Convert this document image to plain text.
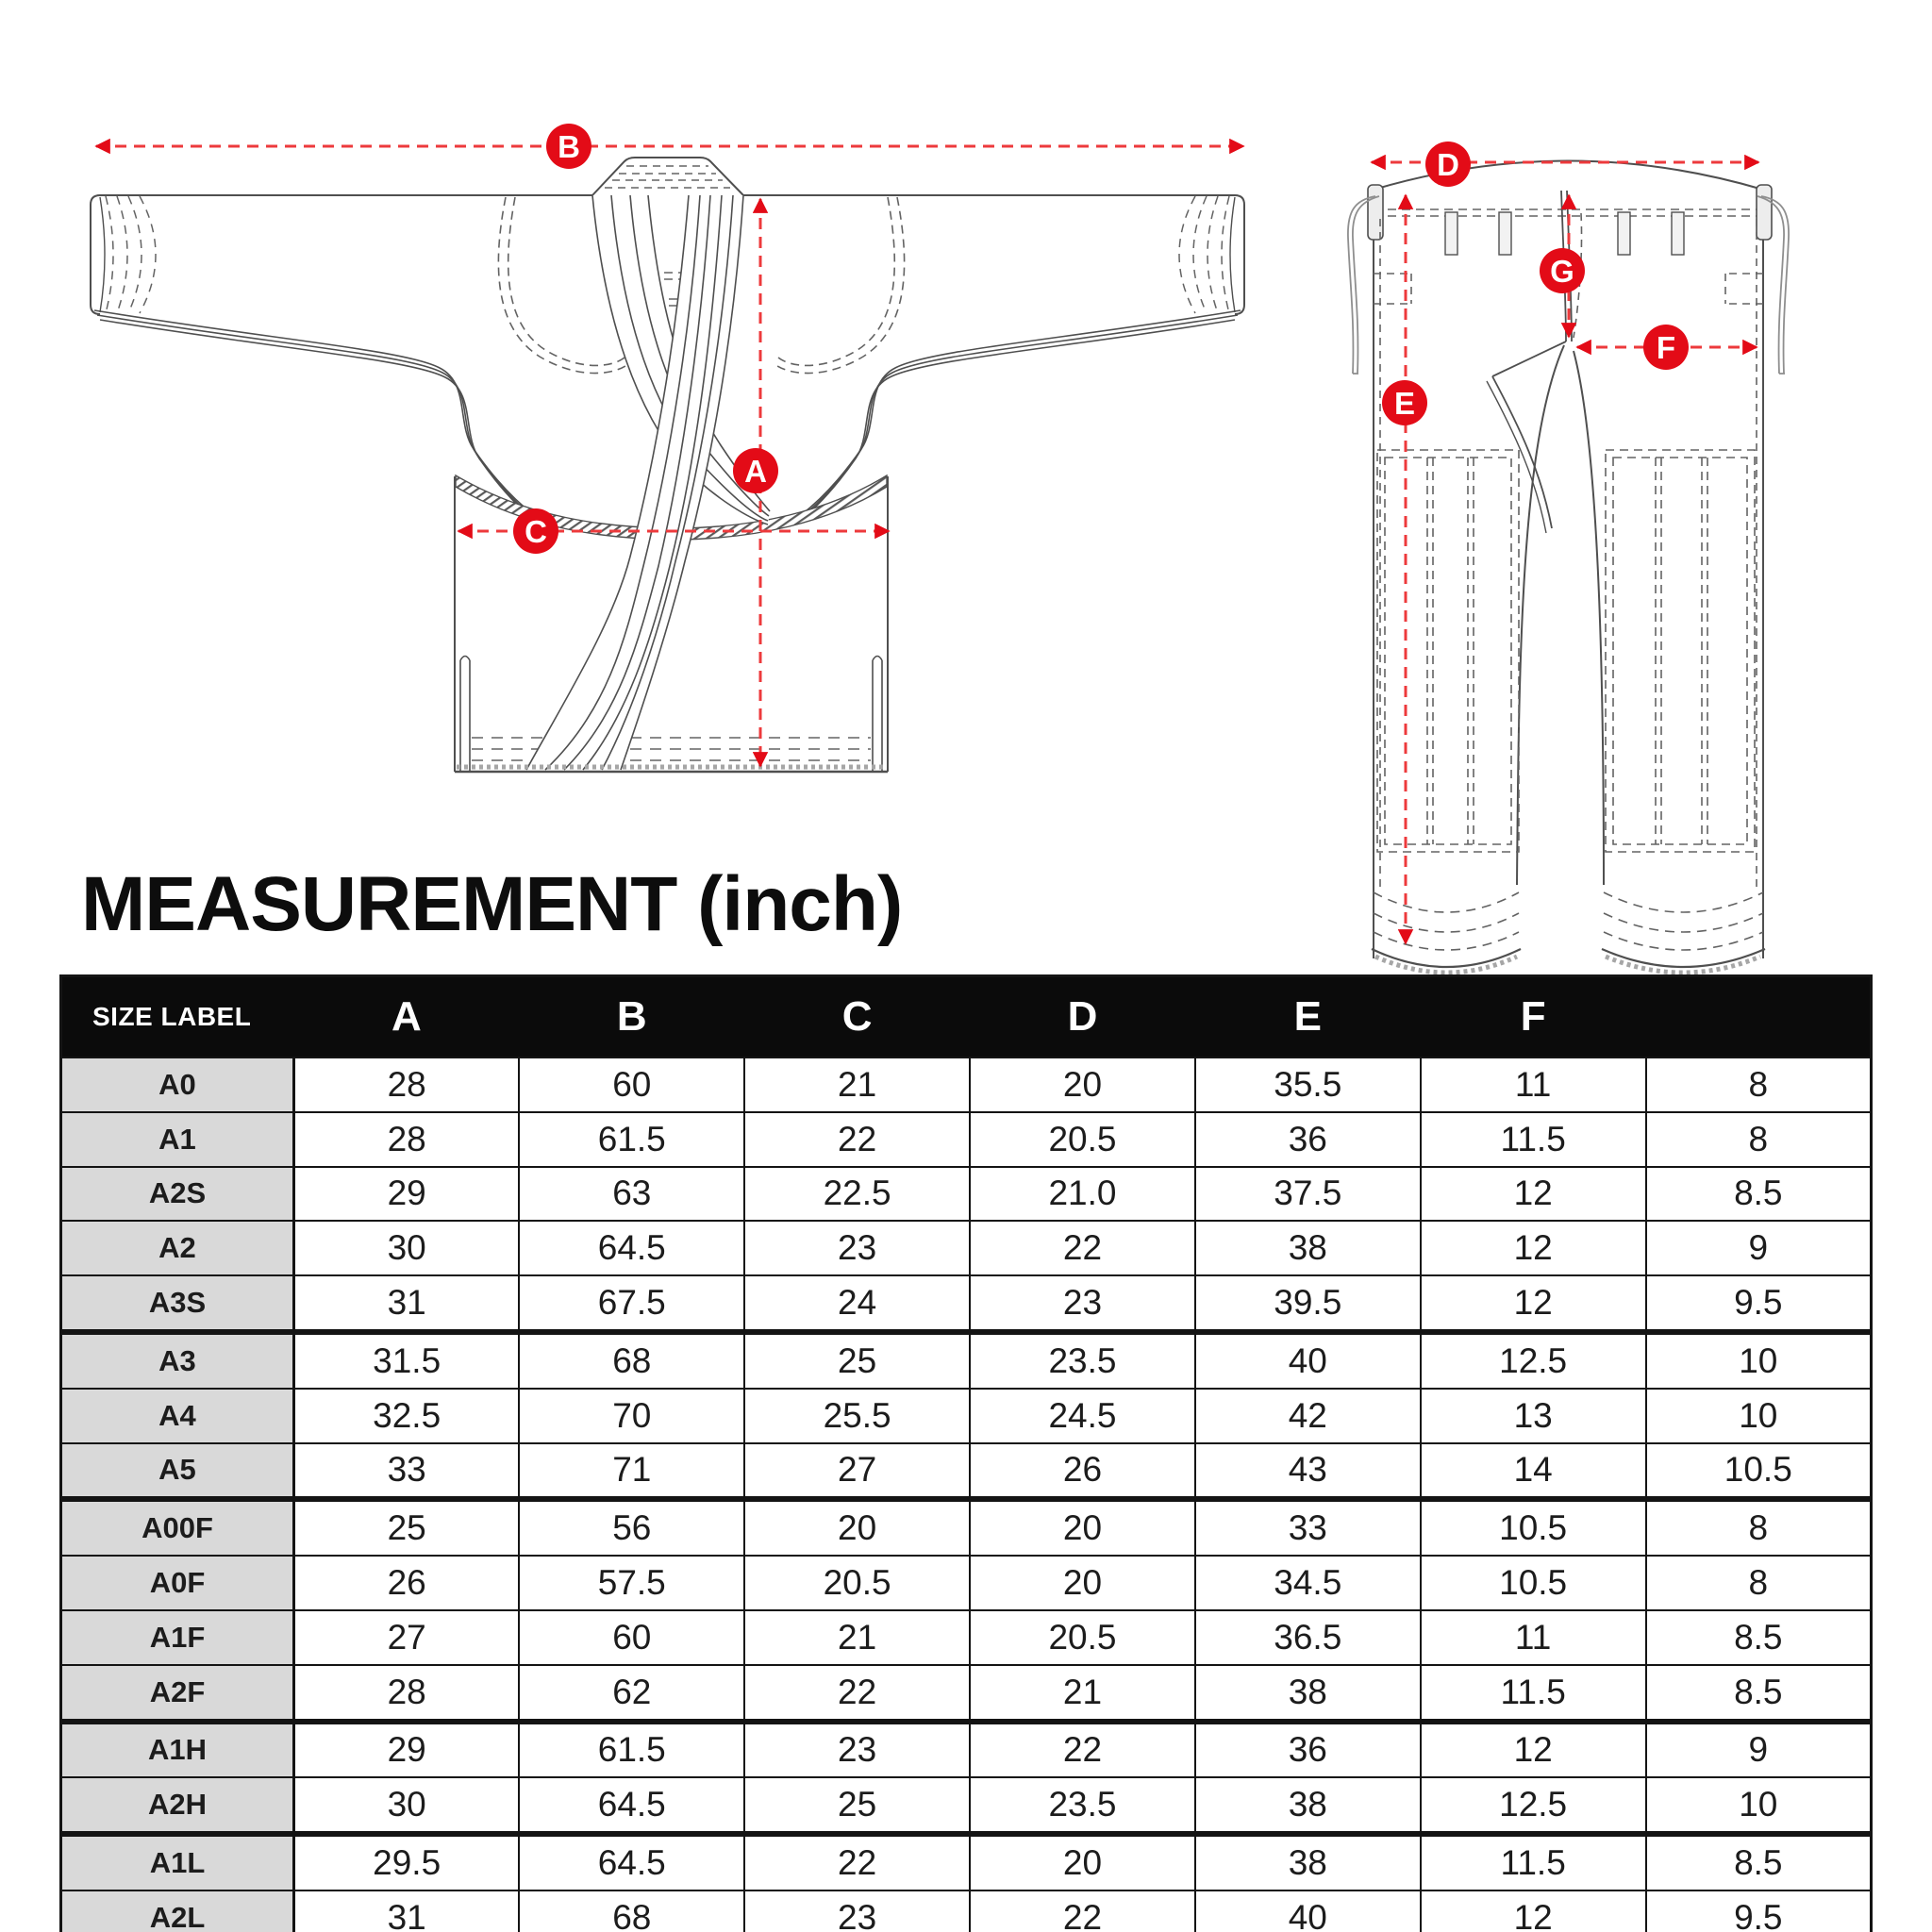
A
B
C
D
E
F
G
MEASUREMENT (inch)
SIZE LABEL	A	B	C	D	E	F	
A0	28	60	21	20	35.5	11	8
A1	28	61.5	22	20.5	36	11.5	8
A2S	29	63	22.5	21.0	37.5	12	8.5
A2	30	64.5	23	22	38	12	9
A3S	31	67.5	24	23	39.5	12	9.5
A3	31.5	68	25	23.5	40	12.5	10
A4	32.5	70	25.5	24.5	42	13	10
A5	33	71	27	26	43	14	10.5
A00F	25	56	20	20	33	10.5	8
A0F	26	57.5	20.5	20	34.5	10.5	8
A1F	27	60	21	20.5	36.5	11	8.5
A2F	28	62	22	21	38	11.5	8.5
A1H	29	61.5	23	22	36	12	9
A2H	30	64.5	25	23.5	38	12.5	10
A1L	29.5	64.5	22	20	38	11.5	8.5
A2L	31	68	23	22	40	12	9.5
